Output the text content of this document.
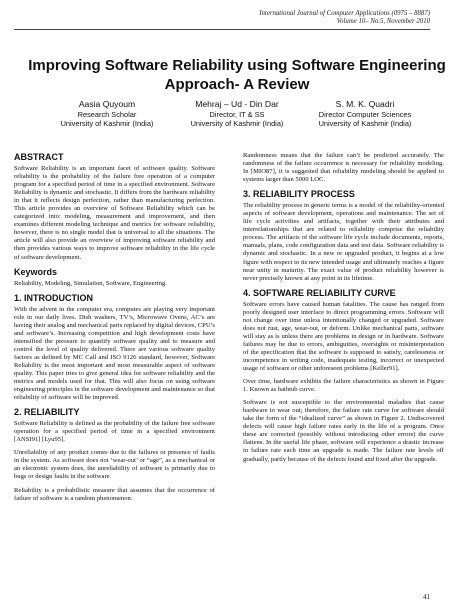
International Journal of Computer Applications (0975 – 8887)
Volume 10– No.5, November 2010
Improving Software Reliability using Software Engineering
Approach- A Review
Aasia Quyoum
Research Scholar
University of Kashmir (India)
Mehraj – Ud - Din Dar
Director, IT & SS
University of Kashmir (India)
S. M. K. Quadri
Director Computer Sciences
University of Kashmir (India)
ABSTRACT

Software Reliability is an important facet of software quality. Software reliability is the probability of the failure free operation of a computer program for a specified period of time in a specified environment. Software Reliability is dynamic and stochastic. It differs from the hardware reliability in that it reflects design perfection, rather than manufacturing perfection. This article provides an overview of Software Reliability which can be categorized into: modeling, measurement and improvement, and then examines different modeling technique and metrics for software reliability, however, there is no single model that is universal to all the situations. The article will also provide an overview of improving software reliability and then provides various ways to improve software reliability in the life cycle of software development.

Keywords

Reliability, Modeling, Simulation, Software, Engineering.

1. INTRODUCTION

With the advent in the computer era, computes are playing very important role in our daily lives. Dish washers, TV’s, Microwave Ovens, AC’s are having their analog and mechanical parts replaced by digital devices, CPU’s and software’s. Increasing competition and high development costs have intensified the pressure to quantify software quality and to measure and control the level of quality delivered. There are various software quality factors as defined by MC Call and ISO 9126 standard, however, Software Reliability is the most important and most measurable aspect of software quality. This paper tries to give general idea for software reliability and the metrics and models used for that. This will also focus on using software engineering principles in the software development and maintenance so that reliability of software will be improved.

2. RELIABILITY

Software Reliability is defined as the probability of the failure free software operation for a specified period of time in a specified environment [ANSI91] [Lyu95].

Unreliability of any product comes due to the failures or presence of faults in the system. As software does not ‘wear-out’ or “age”, as a mechanical or an electronic system does, the unreliability of software is primarily due to bugs or design faults in the software.

Reliability is a probabilistic measure that assumes that the occurrence of failure of software is a random phenomenon.

Randomness means that the failure can’t be predicted accurately. The randomness of the failure occurrence is necessary for reliability modeling. In [MIO87], it is suggested that reliability modeling should be applied to systems larger than 5000 LOC.

3. RELIABILITY PROCESS

The reliability process in generic terms is a model of the reliability-oriented aspects of software development, operations and maintenance. The set of life cycle activities and artifacts, together with their attributes and interrelationships that are related to reliability comprise the reliability process. The artifacts of the software life cycle include documents, reports, manuals, plans, code configuration data and test data. Software reliability is dynamic and stochastic. In a new or upgraded product, it begins at a low figure with respect to its new intended usage and ultimately reaches a figure near unity in maturity. The exact value of product reliability however is never precisely known at any point in its lifetime.

4. SOFTWARE RELIABILITY CURVE

Software errors have caused human fatalities. The cause has ranged from poorly designed user interface to direct programming errors. Software will not change over time unless intentionally changed or upgraded. Software does not rust, age, wear-out, or deform. Unlike mechanical parts, software will stay as is unless there are problems in design or in hardware. Software failures may be due to errors, ambiguities, oversights or misinterpretation of the specification that the software is supposed to satisfy, carelessness or incompetence in writing code, inadequate testing, incorrect or unexpected usage of software or other unforeseen problems [Keller91].

Over time, hardware exhibits the failure characteristics as shown in Figure 1. Known as bathtub curve.

Software is not susceptible to the environmental maladies that cause hardware to wear out; therefore, the failure rate curve for software should take the form of the “idealized curve” as shown in Figure 2. Undiscovered defects will cause high failure rates early in the life of a program. Once these are corrected (possibly without introducing other errors) the curve flattens. In the useful life phase, software will experience a drastic increase in failure rate each time an upgrade is made. The failure rate levels off gradually, partly because of the defects found and fixed after the upgrade.

41
